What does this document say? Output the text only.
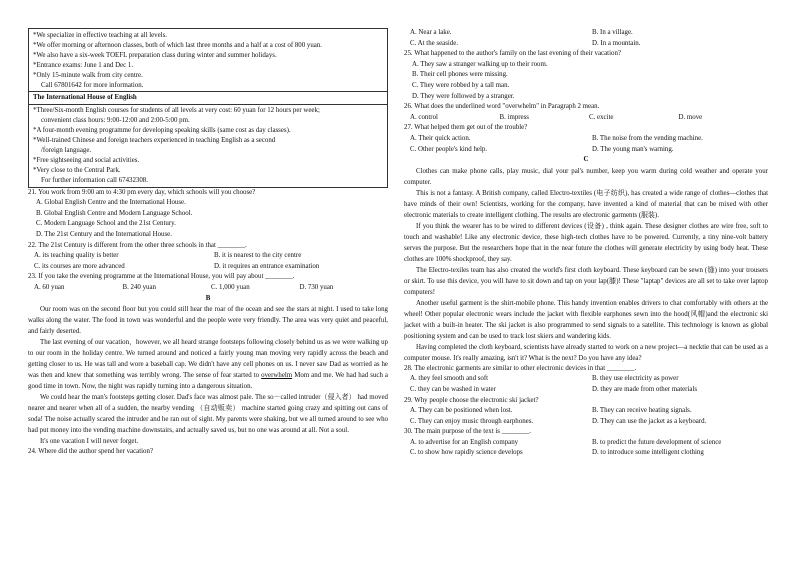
*We specialize in effective teaching at all levels.
*We offer morning or afternoon classes, both of which last three months and a half at a cost of 800 yuan.
*We also have a six-week TOEFL preparation class during winter and summer holidays.
*Entrance exams: June 1 and Dec 1.
*Only 15-minute walk from city centre.
Call 67801642 for more information.
The International House of English
*Three/Six-month English courses for students of all levels at very cost: 60 yuan for 12 hours per week;
convenient class hours: 9:00-12:00 and 2:00-5:00 pm.
*A four-month evening programme for developing speaking skills (same cost as day classes).
*Well-trained Chinese and foreign teachers experienced in teaching English as a second
/foreign language.
*Free sightseeing and social activities.
*Very close to the Central Park.
For further information call 67432308.
21. You work from 9:00 am to 4:30 pm every day, which schools will you choose?
A. Global English Centre and the International House.
B. Global English Centre and Modern Language School.
C. Modern Language School and the 21st Century.
D. The 21st Century and the International House.
22. The 21st Century is different from the other three schools in that ________.
A. its teaching quality is better	B. it is nearest to the city centre
C. its courses are more advanced	D. it requires an entrance examination
23. If you take the evening programme at the International House, you will pay about ________.
A. 60 yuan	B. 240 yuan	C. 1,000 yuan	D. 730 yuan
B
Our room was on the second floor but you could still hear the roar of the ocean and see the stars at night. I used to take long walks along the water. The food in town was wonderful and the people were very friendly. The area was very quiet and peaceful, and fairly deserted.
The last evening of our vacation，however, we all heard strange footsteps following closely behind us as we were walking up to our room in the holiday centre. We turned around and noticed a fairly young man moving very rapidly across the beach and getting closer to us. He was tall and wore a baseball cap. We didn't have any cell phones on us. I never saw Dad as worried as he was then and knew that something was terribly wrong. The sense of fear started to overwhelm Mom and me. We had had such a good time in town. Now, the night was rapidly turning into a dangerous situation.
We could hear the man's footsteps getting closer. Dad's face was almost pale. The so－called intruder（侵入者） had moved nearer and nearer when all of a sudden, the nearby vending （自动贩卖） machine started going crazy and spitting out cans of soda! The noise actually scared the intruder and he ran out of sight. My parents were shaking, but we all turned around to see who had put money into the vending machine downstairs, and actually saved us, but no one was around at all. Not a soul.
It's one vacation I will never forget.
24. Where did the author spend her vacation?
A. Near a lake.	B. In a village.
C. At the seaside.	D. In a mountain.
25. What happened to the author's family on the last evening of their vacation?
A. They saw a stranger walking up to their room.
B. Their cell phones were missing.
C. They were robbed by a tall man.
D. They were followed by a stranger.
26. What does the underlined word "overwhelm" in Paragraph 2 mean.
A. control	B. impress	C. excite	D. move
27. What helped them get out of the trouble?
A. Their quick action.	B. The noise from the vending machine.
C. Other people's kind help.	D. The young man's warning.
C
Clothes can make phone calls, play music, dial your pal's number, keep you warm during cold weather and operate your computer.
This is not a fantasy. A British company, called Electro-textiles (电子纺织), has created a wide range of clothes—clothes that have minds of their own! Scientists, working for the company, have invented a kind of material that can be mixed with other electronic materials to create intelligent clothing. The results are electronic garments (服装).
If you think the wearer has to be wired to different devices (设备) , think again. These designer clothes are wire free, soft to touch and washable! Like any electronic device, these high-tech clothes have to be powered. Currently, a tiny nine-volt battery serves the purpose. But the researchers hope that in the near future the clothes will generate electricity by using body heat. These clothes are 100% shockproof, they say.
The Electro-texiles team has also created the world's first cloth keyboard. These keyboard can be sewn (缝) into your trousers or skirt. To use this device, you will have to sit down and tap on your lap(膝)! These "laptap" devices are all set to take over laptop computers!
Another useful garment is the shirt-mobile phone. This handy invention enables drivers to chat comfortably with others at the wheel! Other popular electronic wears include the jacket with flexible earphones sewn into the hood(风帽)and the electronic ski jacket with a built-in heater. The ski jacket is also programmed to send signals to a satellite. This technology is known as global positioning system and can be used to track lost skiers and wandering kids.
Having completed the cloth keyboard, scientists have already started to work on a new project—a necktie that can be used as a computer mouse. It's really amazing, isn't it? What is the next? Do you have any idea?
28. The electronic garments are similar to other electronic devices in that ________.
A. they feel smooth and soft	B. they use electricity as power
C. they can be washed in water	D. they are made from other materials
29. Why people choose the electronic ski jacket?
A. They can be positioned when lost.	B. They can receive heating signals.
C. They can enjoy music through earphones.	D. They can use the jacket as a keyboard.
30. The main purpose of the text is ________.
A. to advertise for an English company	B. to predict the future development of science
C. to show how rapidly science develops	D. to introduce some intelligent clothing
